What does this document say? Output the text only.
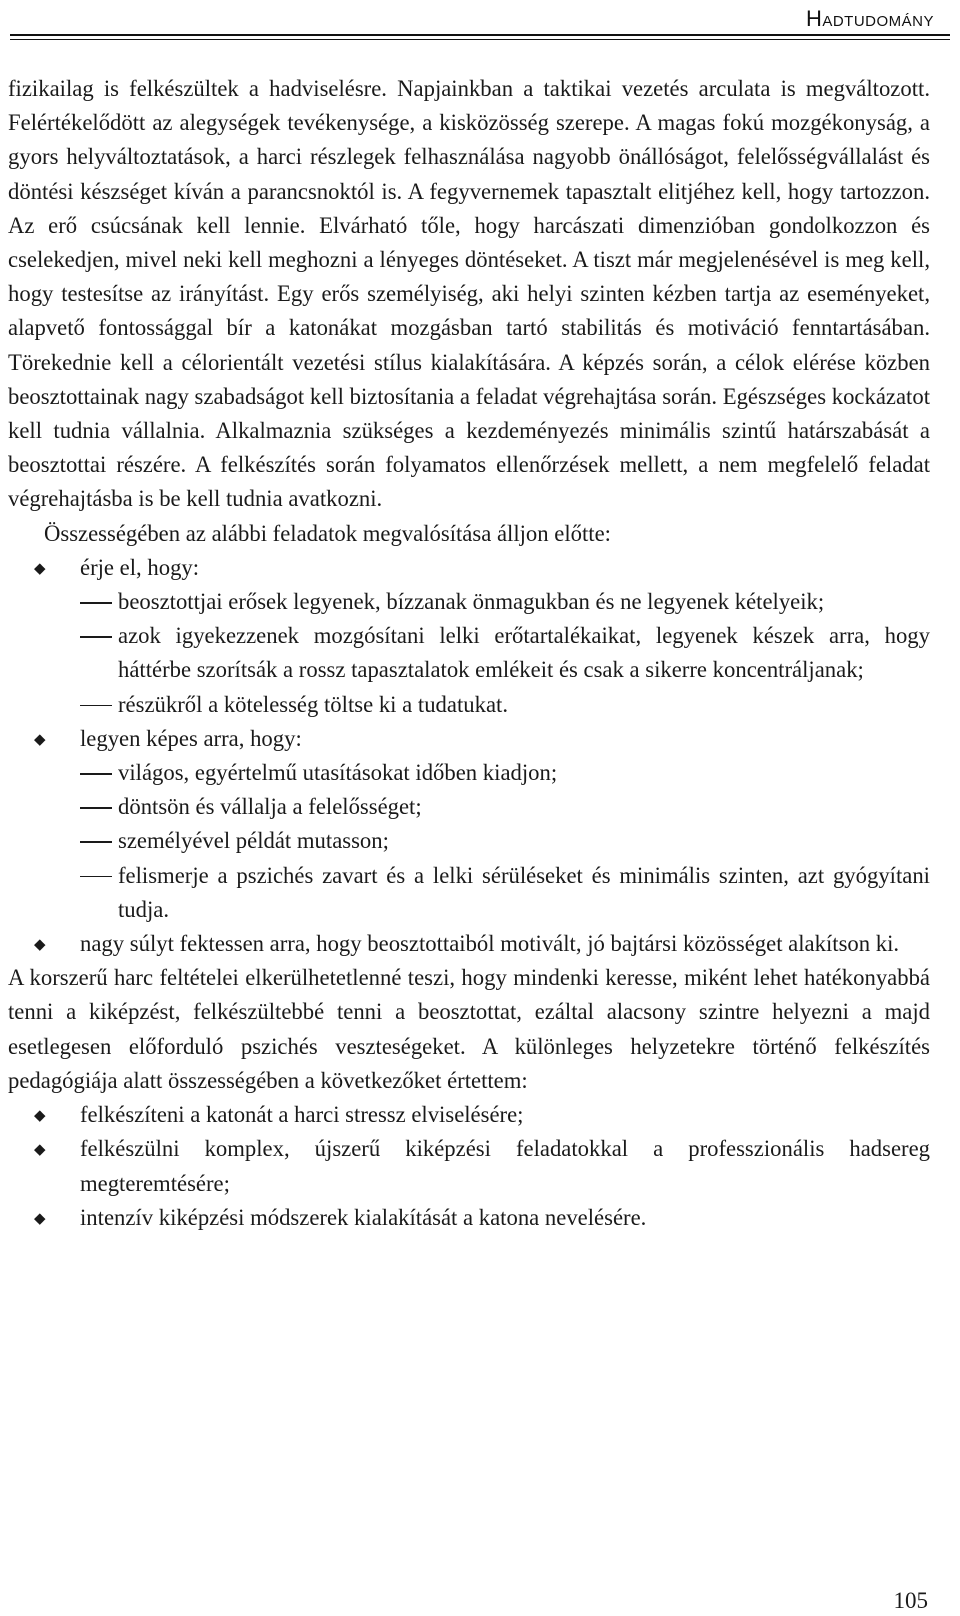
Hadtudomány

fizikailag is felkészültek a hadviselésre. Napjainkban a taktikai vezetés arculata is megváltozott. Felértékelődött az alegységek tevékenysége, a kisközösség szerepe. A magas fokú mozgékonyság, a gyors helyváltoztatások, a harci részlegek felhasználása nagyobb önállóságot, felelősségvállalást és döntési készséget kíván a parancsnoktól is. A fegyvernemek tapasztalt elitjéhez kell, hogy tartozzon. Az erő csúcsának kell lennie. Elvárható tőle, hogy harcászati dimenzióban gondolkozzon és cselekedjen, mivel neki kell meghozni a lényeges döntéseket. A tiszt már megjelenésével is meg kell, hogy testesítse az irányítást. Egy erős személyiség, aki helyi szinten kézben tartja az eseményeket, alapvető fontossággal bír a katonákat mozgásban tartó stabilitás és motiváció fenntartásában. Törekednie kell a célorientált vezetési stílus kialakítására. A képzés során, a célok elérése közben beosztottainak nagy szabadságot kell biztosítania a feladat végrehajtása során. Egészséges kockázatot kell tudnia vállalnia. Alkalmaznia szükséges a kezdeményezés minimális szintű határszabását a beosztottai részére. A felkészítés során folyamatos ellenőrzések mellett, a nem megfelelő feladat végrehajtásba is be kell tudnia avatkozni.

Összességében az alábbi feladatok megvalósítása álljon előtte:

◆ érje el, hogy:
beosztottjai erősek legyenek, bízzanak önmagukban és ne legyenek kételyeik;
azok igyekezzenek mozgósítani lelki erőtartalékaikat, legyenek készek arra, hogy háttérbe szorítsák a rossz tapasztalatok emlékeit és csak a sikerre koncentráljanak;
részükről a kötelesség töltse ki a tudatukat.
◆ legyen képes arra, hogy:
világos, egyértelmű utasításokat időben kiadjon;
döntsön és vállalja a felelősséget;
személyével példát mutasson;
felismerje a pszichés zavart és a lelki sérüléseket és minimális szinten, azt gyógyítani tudja.
◆ nagy súlyt fektessen arra, hogy beosztottaiból motivált, jó bajtársi közösséget alakítson ki.

A korszerű harc feltételei elkerülhetetlenné teszi, hogy mindenki keresse, miként lehet hatékonyabbá tenni a kiképzést, felkészültebbé tenni a beosztottat, ezáltal alacsony szintre helyezni a majd esetlegesen előforduló pszichés veszteségeket. A különleges helyzetekre történő felkészítés pedagógiája alatt összességében a következőket értettem:

◆ felkészíteni a katonát a harci stressz elviselésére;
◆ felkészülni komplex, újszerű kiképzési feladatokkal a professzionális hadsereg megteremtésére;
◆ intenzív kiképzési módszerek kialakítását a katona nevelésére.
105
